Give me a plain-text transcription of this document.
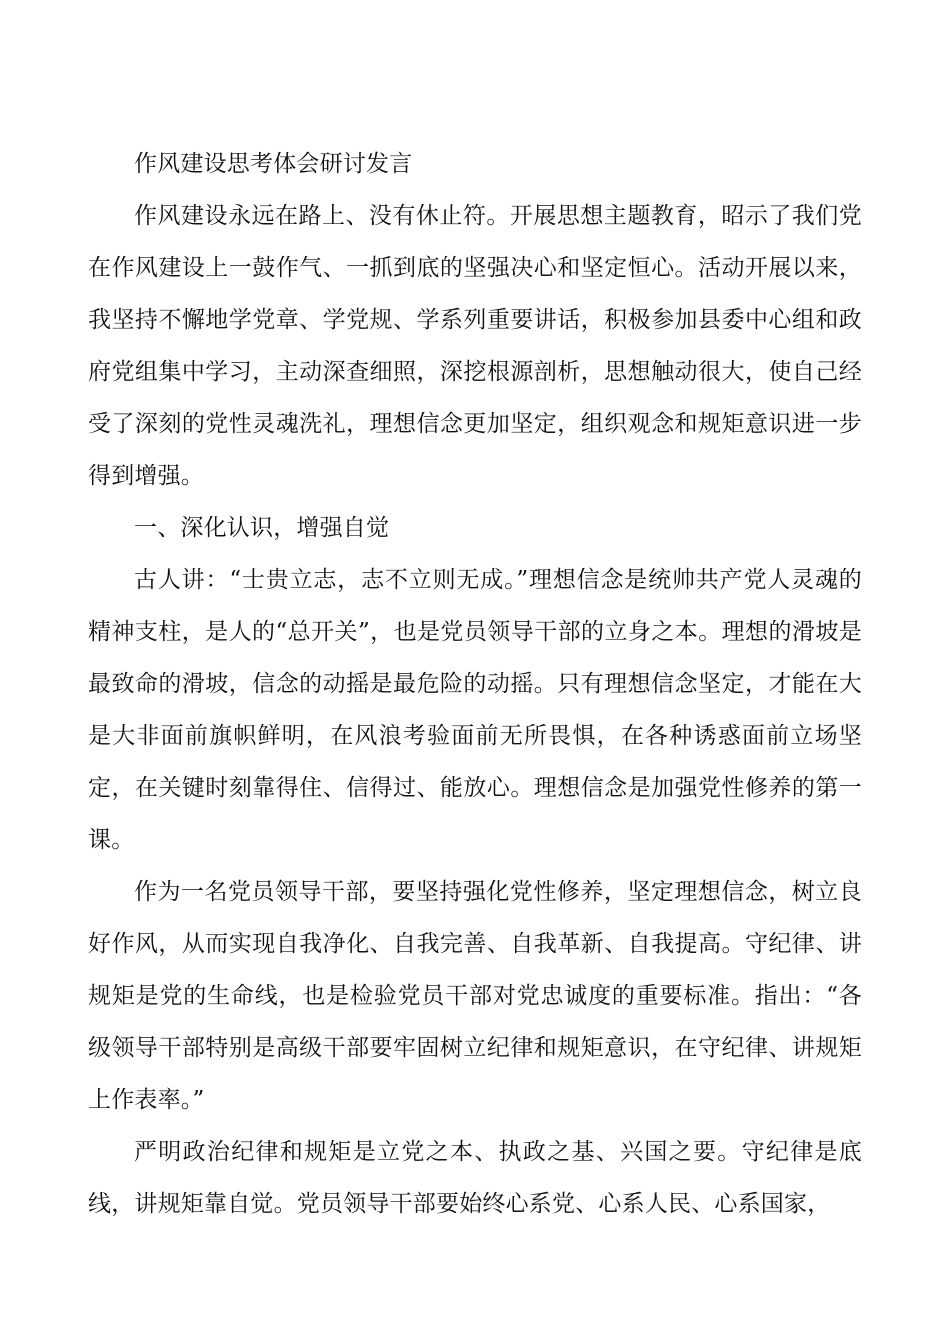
作风建设思考体会研讨发言

作风建设永远在路上、没有休止符。开展思想主题教育，昭示了我们党在作风建设上一鼓作气、一抓到底的坚强决心和坚定恒心。活动开展以来，我坚持不懈地学党章、学党规、学系列重要讲话，积极参加县委中心组和政府党组集中学习，主动深查细照，深挖根源剖析，思想触动很大，使自己经受了深刻的党性灵魂洗礼，理想信念更加坚定，组织观念和规矩意识进一步得到增强。

一、深化认识，增强自觉

古人讲：“士贵立志，志不立则无成。”理想信念是统帅共产党人灵魂的精神支柱，是人的“总开关”，也是党员领导干部的立身之本。理想的滑坡是最致命的滑坡，信念的动摇是最危险的动摇。只有理想信念坚定，才能在大是大非面前旗帜鲜明，在风浪考验面前无所畏惧，在各种诱惑面前立场坚定，在关键时刻靠得住、信得过、能放心。理想信念是加强党性修养的第一课。

作为一名党员领导干部，要坚持强化党性修养，坚定理想信念，树立良好作风，从而实现自我净化、自我完善、自我革新、自我提高。守纪律、讲规矩是党的生命线，也是检验党员干部对党忠诚度的重要标准。指出：“各级领导干部特别是高级干部要牢固树立纪律和规矩意识，在守纪律、讲规矩上作表率。”

严明政治纪律和规矩是立党之本、执政之基、兴国之要。守纪律是底线，讲规矩靠自觉。党员领导干部要始终心系党、心系人民、心系国家，
